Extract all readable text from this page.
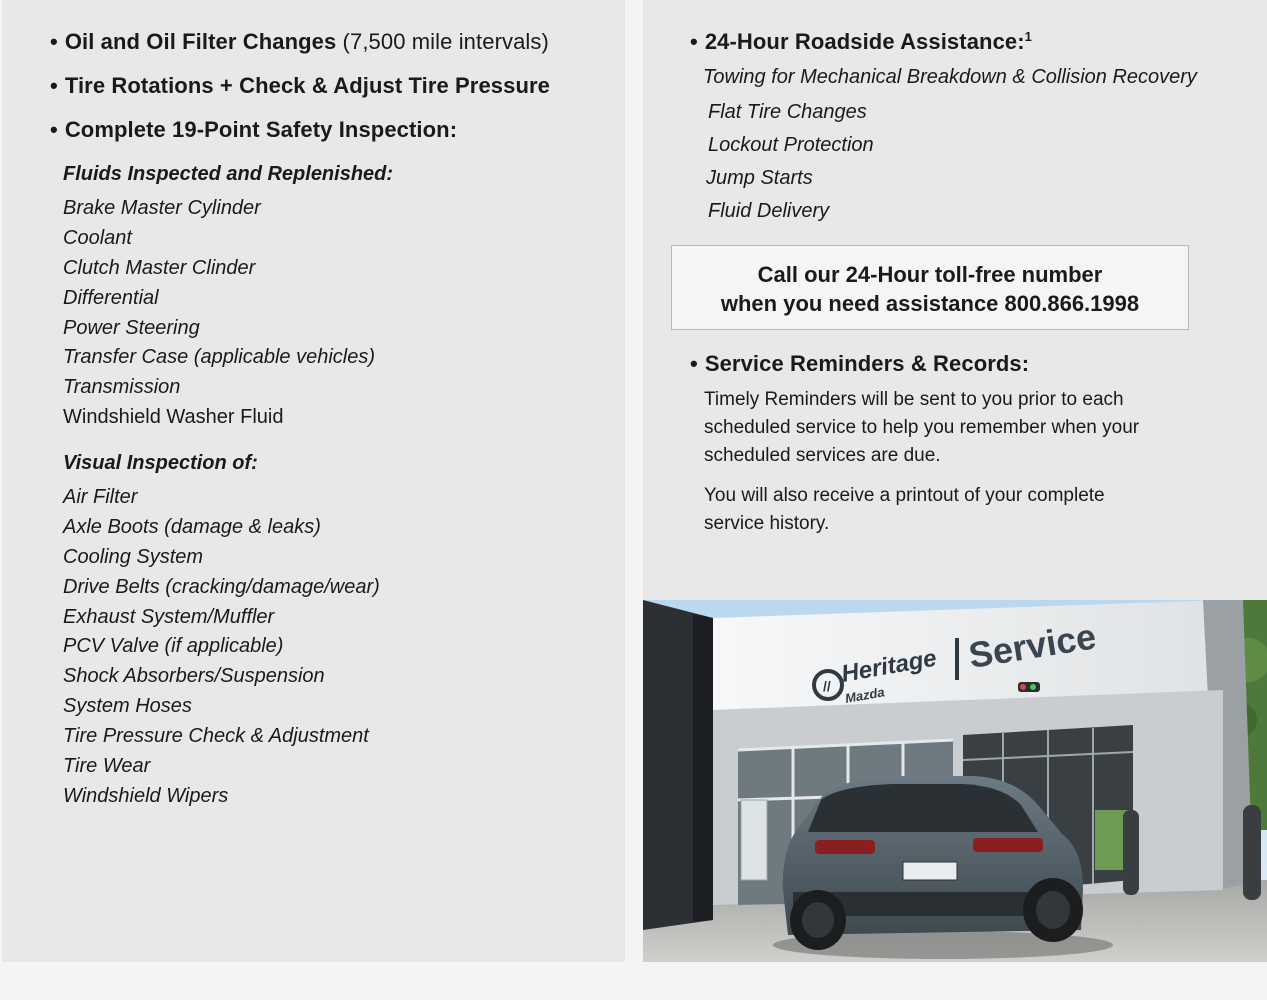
• Oil and Oil Filter Changes (7,500 mile intervals)
• Tire Rotations + Check & Adjust Tire Pressure
• Complete 19-Point Safety Inspection:
Fluids Inspected and Replenished:
Brake Master Cylinder
Coolant
Clutch Master Clinder
Differential
Power Steering
Transfer Case (applicable vehicles)
Transmission
Windshield Washer Fluid
Visual Inspection of:
Air Filter
Axle Boots (damage & leaks)
Cooling System
Drive Belts (cracking/damage/wear)
Exhaust System/Muffler
PCV Valve (if applicable)
Shock Absorbers/Suspension
System Hoses
Tire Pressure Check & Adjustment
Tire Wear
Windshield Wipers
• 24-Hour Roadside Assistance:$^1$
Towing for Mechanical Breakdown & Collision Recovery
Flat Tire Changes
Lockout Protection
Jump Starts
Fluid Delivery
Call our 24-Hour toll-free number
when you need assistance 800.866.1998
• Service Reminders & Records:

Timely Reminders will be sent to you prior to each scheduled service to help you remember when your scheduled services are due.

You will also receive a printout of your complete service history.

// Heritage
Mazda
Service
